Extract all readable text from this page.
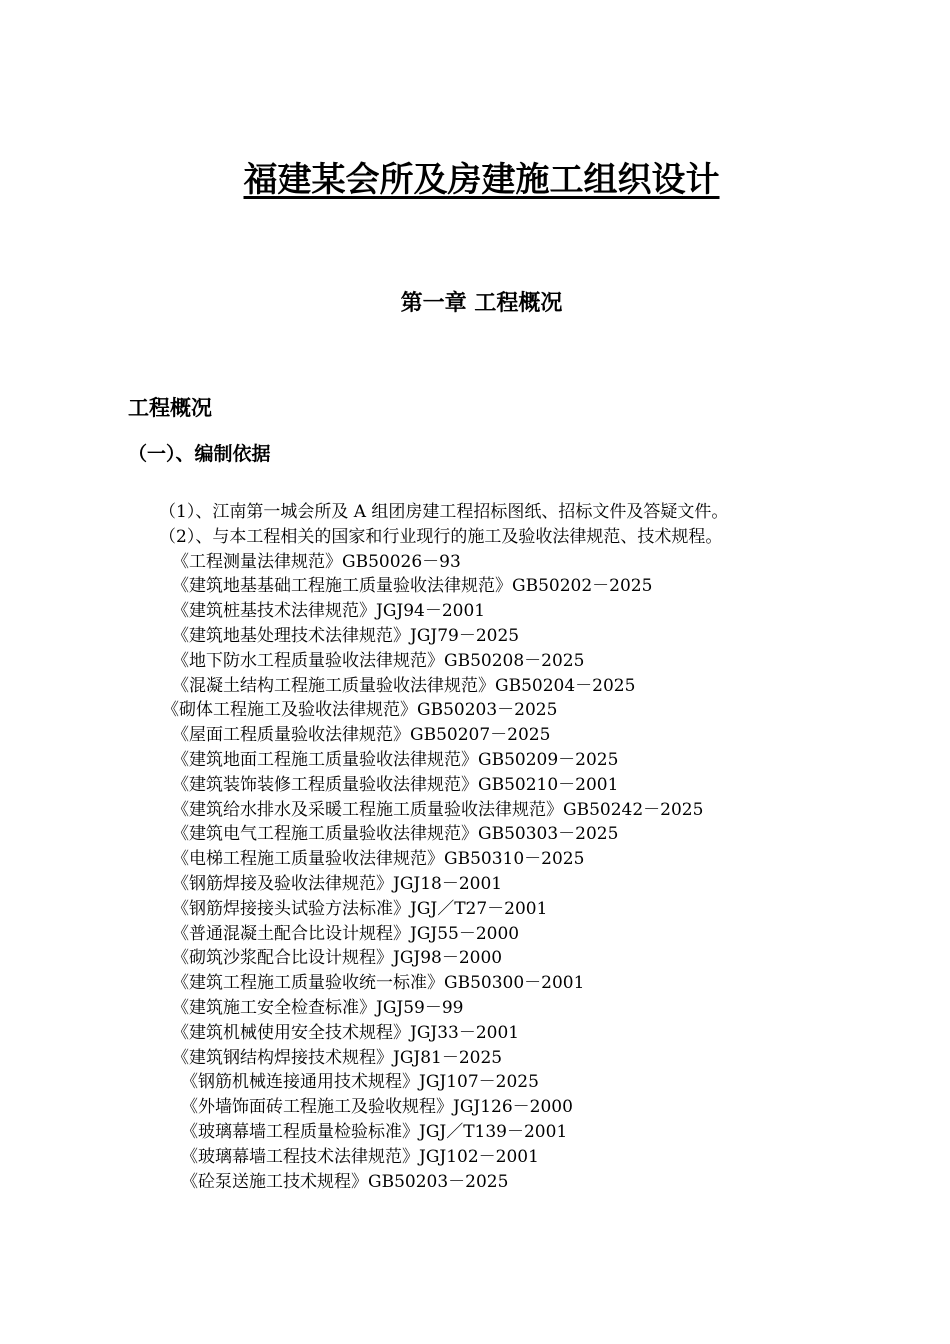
福建某会所及房建施工组织设计
第一章 工程概况
工程概况
（一）、编制依据
（1）、江南第一城会所及 A 组团房建工程招标图纸、招标文件及答疑文件。
（2）、与本工程相关的国家和行业现行的施工及验收法律规范、技术规程。
《工程测量法律规范》GB50026－93
《建筑地基基础工程施工质量验收法律规范》GB50202－2025
《建筑桩基技术法律规范》JGJ94－2001
《建筑地基处理技术法律规范》JGJ79－2025
《地下防水工程质量验收法律规范》GB50208－2025
《混凝土结构工程施工质量验收法律规范》GB50204－2025
《砌体工程施工及验收法律规范》GB50203－2025
《屋面工程质量验收法律规范》GB50207－2025
《建筑地面工程施工质量验收法律规范》GB50209－2025
《建筑装饰装修工程质量验收法律规范》GB50210－2001
《建筑给水排水及采暖工程施工质量验收法律规范》GB50242－2025
《建筑电气工程施工质量验收法律规范》GB50303－2025
《电梯工程施工质量验收法律规范》GB50310－2025
《钢筋焊接及验收法律规范》JGJ18－2001
《钢筋焊接接头试验方法标准》JGJ／T27－2001
《普通混凝土配合比设计规程》JGJ55－2000
《砌筑沙浆配合比设计规程》JGJ98－2000
《建筑工程施工质量验收统一标准》GB50300－2001
《建筑施工安全检查标准》JGJ59－99
《建筑机械使用安全技术规程》JGJ33－2001
《建筑钢结构焊接技术规程》JGJ81－2025
《钢筋机械连接通用技术规程》JGJ107－2025
《外墙饰面砖工程施工及验收规程》JGJ126－2000
《玻璃幕墙工程质量检验标准》JGJ／T139－2001
《玻璃幕墙工程技术法律规范》JGJ102－2001
《砼泵送施工技术规程》GB50203－2025
